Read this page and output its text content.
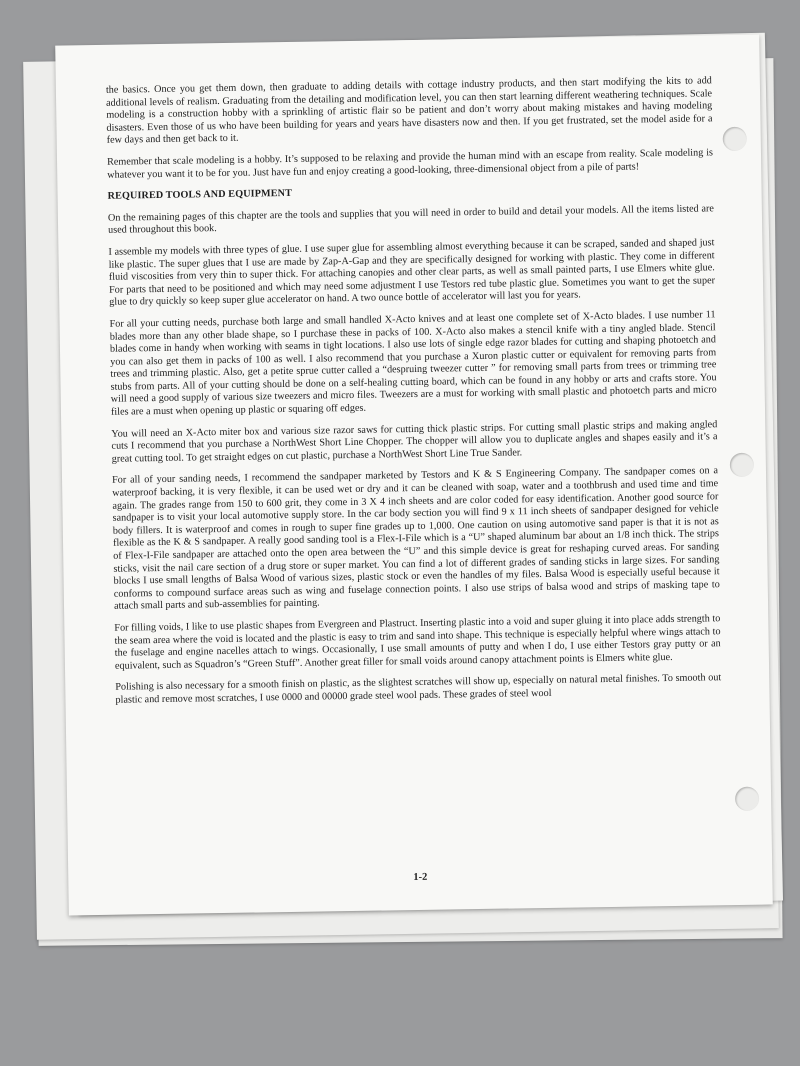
the basics. Once you get them down, then graduate to adding details with cottage industry products, and then start modifying the kits to add additional levels of realism. Graduating from the detailing and modification level, you can then start learning different weathering techniques. Scale modeling is a construction hobby with a sprinkling of artistic flair so be patient and don’t worry about making mistakes and having modeling disasters. Even those of us who have been building for years and years have disasters now and then. If you get frustrated, set the model aside for a few days and then get back to it.

Remember that scale modeling is a hobby. It’s supposed to be relaxing and provide the human mind with an escape from reality. Scale modeling is whatever you want it to be for you. Just have fun and enjoy creating a good-looking, three-dimensional object from a pile of parts!

REQUIRED TOOLS AND EQUIPMENT

On the remaining pages of this chapter are the tools and supplies that you will need in order to build and detail your models. All the items listed are used throughout this book.

I assemble my models with three types of glue. I use super glue for assembling almost everything because it can be scraped, sanded and shaped just like plastic. The super glues that I use are made by Zap-A-Gap and they are specifically designed for working with plastic. They come in different fluid viscosities from very thin to super thick. For attaching canopies and other clear parts, as well as small painted parts, I use Elmers white glue. For parts that need to be positioned and which may need some adjustment I use Testors red tube plastic glue. Sometimes you want to get the super glue to dry quickly so keep super glue accelerator on hand. A two ounce bottle of accelerator will last you for years.

For all your cutting needs, purchase both large and small handled X-Acto knives and at least one complete set of X-Acto blades. I use number 11 blades more than any other blade shape, so I purchase these in packs of 100. X-Acto also makes a stencil knife with a tiny angled blade. Stencil blades come in handy when working with seams in tight locations. I also use lots of single edge razor blades for cutting and shaping photoetch and you can also get them in packs of 100 as well. I also recommend that you purchase a Xuron plastic cutter or equivalent for removing parts from trees and trimming plastic. Also, get a petite sprue cutter called a “despruing tweezer cutter ” for removing small parts from trees or trimming tree stubs from parts. All of your cutting should be done on a self-healing cutting board, which can be found in any hobby or arts and crafts store. You will need a good supply of various size tweezers and micro files. Tweezers are a must for working with small plastic and photoetch parts and micro files are a must when opening up plastic or squaring off edges.

You will need an X-Acto miter box and various size razor saws for cutting thick plastic strips. For cutting small plastic strips and making angled cuts I recommend that you purchase a NorthWest Short Line Chopper. The chopper will allow you to duplicate angles and shapes easily and it’s a great cutting tool. To get straight edges on cut plastic, purchase a NorthWest Short Line True Sander.

For all of your sanding needs, I recommend the sandpaper marketed by Testors and K & S Engineering Company. The sandpaper comes on a waterproof backing, it is very flexible, it can be used wet or dry and it can be cleaned with soap, water and a toothbrush and used time and time again. The grades range from 150 to 600 grit, they come in 3 X 4 inch sheets and are color coded for easy identification. Another good source for sandpaper is to visit your local automotive supply store. In the car body section you will find 9 x 11 inch sheets of sandpaper designed for vehicle body fillers. It is waterproof and comes in rough to super fine grades up to 1,000. One caution on using automotive sand paper is that it is not as flexible as the K & S sandpaper. A really good sanding tool is a Flex-I-File which is a “U” shaped aluminum bar about an 1/8 inch thick. The strips of Flex-I-File sandpaper are attached onto the open area between the “U” and this simple device is great for reshaping curved areas. For sanding sticks, visit the nail care section of a drug store or super market. You can find a lot of different grades of sanding sticks in large sizes. For sanding blocks I use small lengths of Balsa Wood of various sizes, plastic stock or even the handles of my files. Balsa Wood is especially useful because it conforms to compound surface areas such as wing and fuselage connection points. I also use strips of balsa wood and strips of masking tape to attach small parts and sub-assemblies for painting.

For filling voids, I like to use plastic shapes from Evergreen and Plastruct. Inserting plastic into a void and super gluing it into place adds strength to the seam area where the void is located and the plastic is easy to trim and sand into shape. This technique is especially helpful where wings attach to the fuselage and engine nacelles attach to wings. Occasionally, I use small amounts of putty and when I do, I use either Testors gray putty or an equivalent, such as Squadron’s “Green Stuff”. Another great filler for small voids around canopy attachment points is Elmers white glue.

Polishing is also necessary for a smooth finish on plastic, as the slightest scratches will show up, especially on natural metal finishes. To smooth out plastic and remove most scratches, I use 0000 and 00000 grade steel wool pads. These grades of steel wool

1-2
